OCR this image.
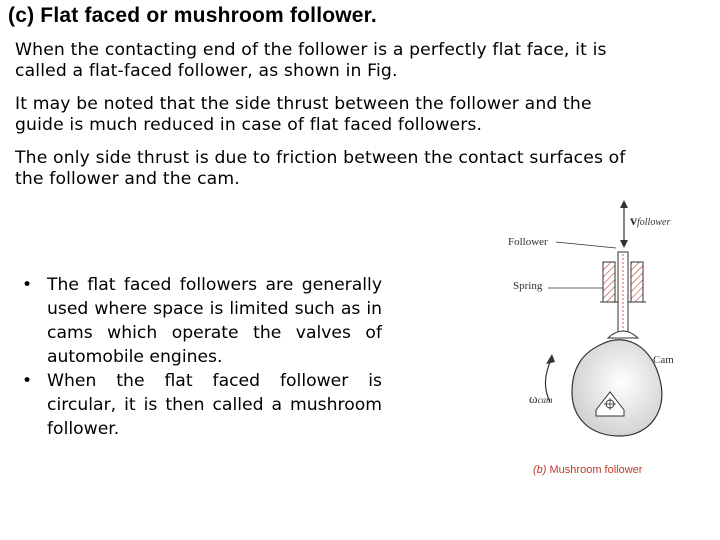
(c) Flat faced or mushroom follower.
When the contacting end of the follower is a perfectly flat face, it is
called a flat-faced follower, as shown in Fig.
It may be noted that the side thrust between the follower and the
guide is much reduced in case of flat faced followers.
The only side thrust is due to friction between the contact surfaces of
the follower and the cam.
• The flat faced followers are generally used where space is limited such as in cams which operate the valves of automobile engines.
• When the flat faced follower is circular, it is then called a mushroom follower.
Follower
Spring
Cam
vfollower
ωcam
(b) Mushroom follower
